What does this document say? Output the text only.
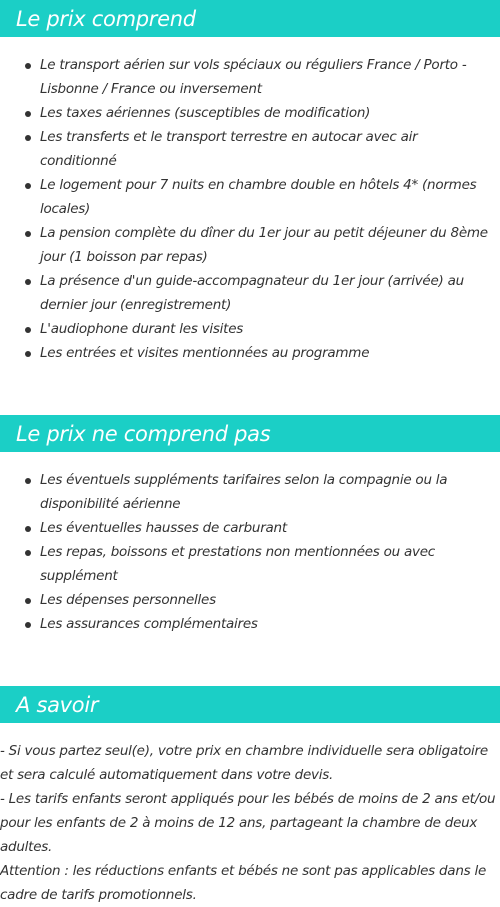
Le prix comprend
Le transport aérien sur vols spéciaux ou réguliers France / Porto - Lisbonne / France ou inversement
Les taxes aériennes (susceptibles de modification)
Les transferts et le transport terrestre en autocar avec air conditionné
Le logement pour 7 nuits en chambre double en hôtels 4* (normes locales)
La pension complète du dîner du 1er jour au petit déjeuner du 8ème jour (1 boisson par repas)
La présence d'un guide-accompagnateur du 1er jour (arrivée) au dernier jour (enregistrement)
L'audiophone durant les visites
Les entrées et visites mentionnées au programme
Le prix ne comprend pas
Les éventuels suppléments tarifaires selon la compagnie ou la disponibilité aérienne
Les éventuelles hausses de carburant
Les repas, boissons et prestations non mentionnées ou avec supplément
Les dépenses personnelles
Les assurances complémentaires
A savoir

- Si vous partez seul(e), votre prix en chambre individuelle sera obligatoire et sera calculé automatiquement dans votre devis.

- Les tarifs enfants seront appliqués pour les bébés de moins de 2 ans et/ou pour les enfants de 2 à moins de 12 ans, partageant la chambre de deux adultes.

Attention : les réductions enfants et bébés ne sont pas applicables dans le cadre de tarifs promotionnels.
